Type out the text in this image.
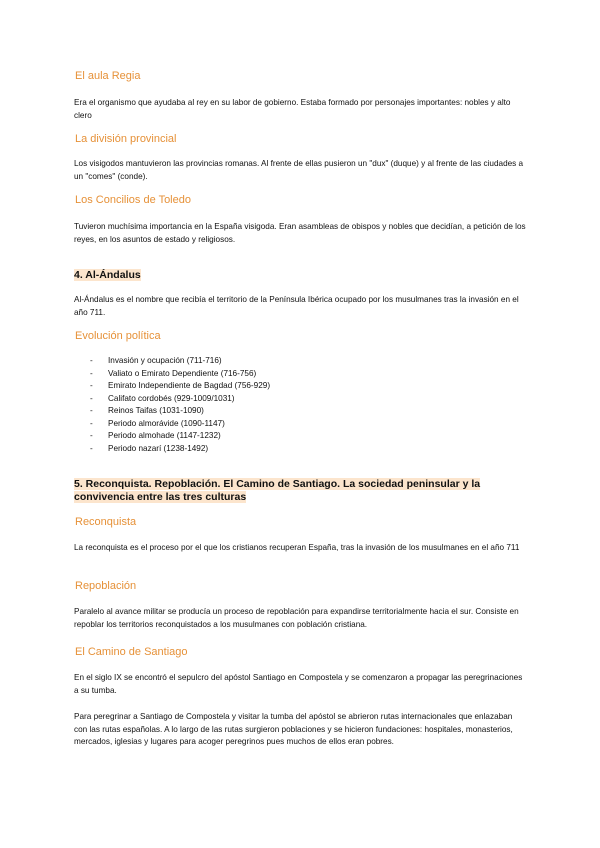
El aula Regia

Era el organismo que ayudaba al rey en su labor de gobierno. Estaba formado por personajes importantes: nobles y alto clero

La división provincial

Los visigodos mantuvieron las provincias romanas. Al frente de ellas pusieron un "dux" (duque) y al frente de las ciudades a un "comes" (conde).

Los Concilios de Toledo

Tuvieron muchísima importancia en la España visigoda. Eran asambleas de obispos y nobles que decidían, a petición de los reyes, en los asuntos de estado y religiosos.

4. Al-Ándalus

Al-Ándalus es el nombre que recibía el territorio de la Península Ibérica ocupado por los musulmanes tras la invasión en el año 711.

Evolución política
- Invasión y ocupación (711-716)
- Valiato o Emirato Dependiente (716-756)
- Emirato Independiente de Bagdad (756-929)
- Califato cordobés (929-1009/1031)
- Reinos Taifas (1031-1090)
- Periodo almorávide (1090-1147)
- Periodo almohade (1147-1232)
- Periodo nazarí (1238-1492)
5. Reconquista. Repoblación. El Camino de Santiago. La sociedad peninsular y la convivencia entre las tres culturas
Reconquista

La reconquista es el proceso por el que los cristianos recuperan España, tras la invasión de los musulmanes en el año 711

Repoblación

Paralelo al avance militar se producía un proceso de repoblación para expandirse territorialmente hacia el sur. Consiste en repoblar los territorios reconquistados a los musulmanes con población cristiana.

El Camino de Santiago

En el siglo IX se encontró el sepulcro del apóstol Santiago en Compostela y se comenzaron a propagar las peregrinaciones a su tumba.

Para peregrinar a Santiago de Compostela y visitar la tumba del apóstol se abrieron rutas internacionales que enlazaban con las rutas españolas. A lo largo de las rutas surgieron poblaciones y se hicieron fundaciones: hospitales, monasterios, mercados, iglesias y lugares para acoger peregrinos pues muchos de ellos eran pobres.
